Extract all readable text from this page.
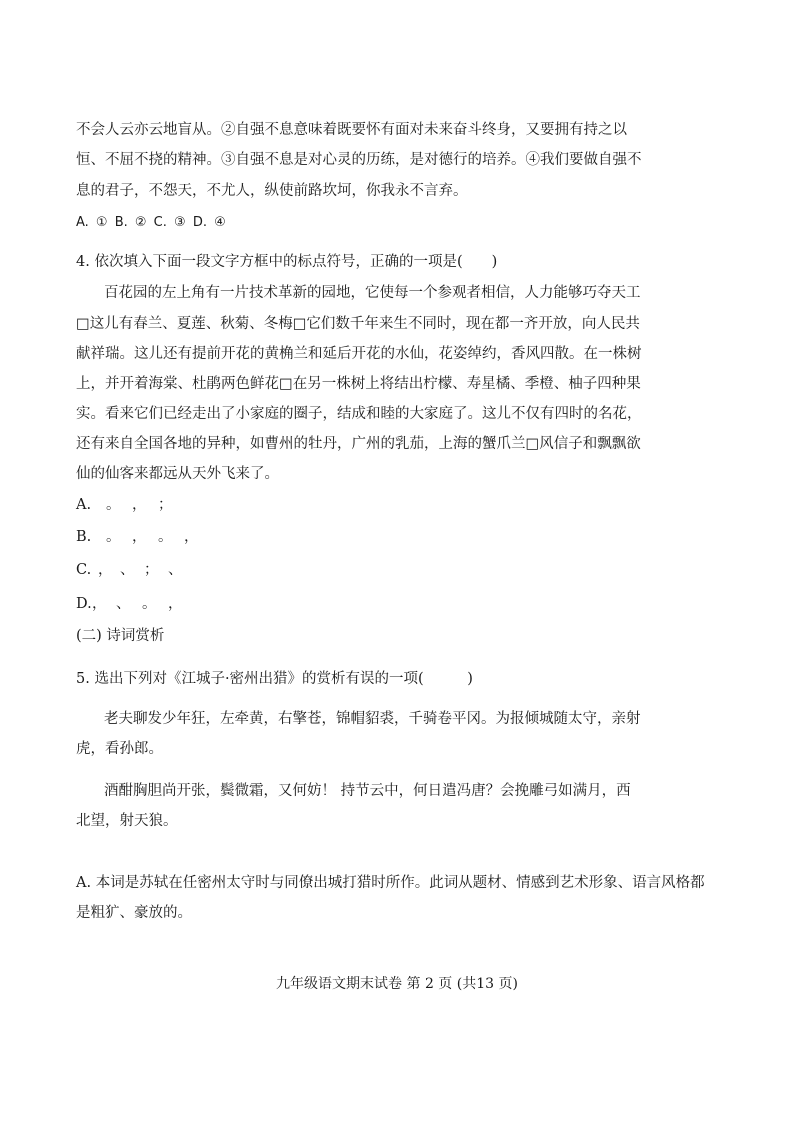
不会人云亦云地盲从。②自强不息意味着既要怀有面对未来奋斗终身，又要拥有持之以
恒、不屈不挠的精神。③自强不息是对心灵的历练，是对德行的培养。④我们要做自强不
息的君子，不怨天，不尤人，纵使前路坎坷，你我永不言弃。
A. ① B. ② C. ③ D. ④
4. 依次填入下面一段文字方框中的标点符号，正确的一项是(　　)
百花园的左上角有一片技术革新的园地，它使每一个参观者相信，人力能够巧夺天工
□这儿有春兰、夏莲、秋菊、冬梅□它们数千年来生不同时，现在都一齐开放，向人民共
献祥瑞。这儿还有提前开花的黄桷兰和延后开花的水仙，花姿绰约，香风四散。在一株树
上，并开着海棠、杜鹃两色鲜花□在另一株树上将结出柠檬、寿星橘、季橙、柚子四种果
实。看来它们已经走出了小家庭的圈子，结成和睦的大家庭了。这儿不仅有四时的名花，
还有来自全国各地的异种，如曹州的牡丹，广州的乳茄，上海的蟹爪兰□风信子和飘飘欲
仙的仙客来都远从天外飞来了。
A. 。 ， ；
B. 。 ， 。 ，
C. ， 、 ； 、
D.， 、 。 ，
(二) 诗词赏析
5. 选出下列对《江城子·密州出猎》的赏析有误的一项(　　　)
老夫聊发少年狂，左牵黄，右擎苍，锦帽貂裘，千骑卷平冈。为报倾城随太守，亲射
虎，看孙郎。
酒酣胸胆尚开张，鬓微霜，又何妨！ 持节云中，何日遣冯唐？会挽雕弓如满月，西
北望，射天狼。
A. 本词是苏轼在任密州太守时与同僚出城打猎时所作。此词从题材、情感到艺术形象、语言风格都
是粗犷、豪放的。
九年级语文期末试卷 第 2 页 (共13 页)
